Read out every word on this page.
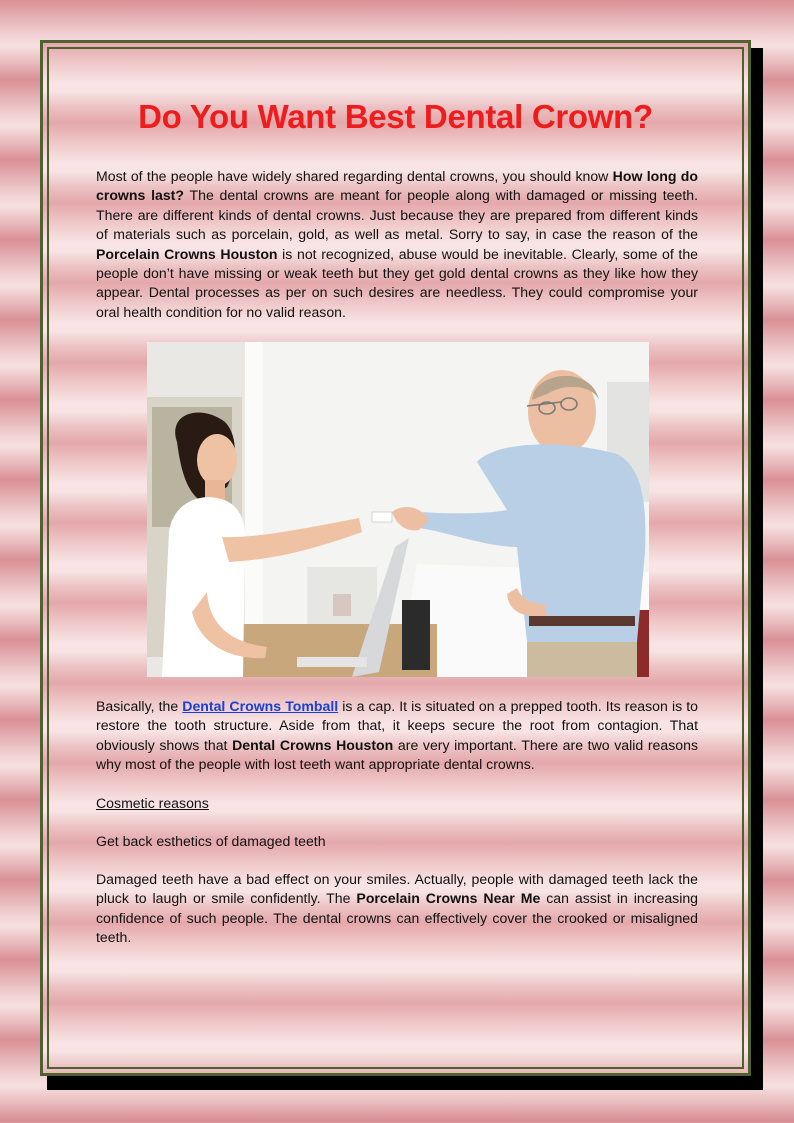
Do You Want Best Dental Crown?

Most of the people have widely shared regarding dental crowns, you should know How long do crowns last? The dental crowns are meant for people along with damaged or missing teeth. There are different kinds of dental crowns. Just because they are prepared from different kinds of materials such as porcelain, gold, as well as metal. Sorry to say, in case the reason of the Porcelain Crowns Houston is not recognized, abuse would be inevitable. Clearly, some of the people don’t have missing or weak teeth but they get gold dental crowns as they like how they appear. Dental processes as per on such desires are needless. They could compromise your oral health condition for no valid reason.

Basically, the Dental Crowns Tomball is a cap. It is situated on a prepped tooth. Its reason is to restore the tooth structure. Aside from that, it keeps secure the root from contagion. That obviously shows that Dental Crowns Houston are very important. There are two valid reasons why most of the people with lost teeth want appropriate dental crowns.

Cosmetic reasons

Get back esthetics of damaged teeth

Damaged teeth have a bad effect on your smiles. Actually, people with damaged teeth lack the pluck to laugh or smile confidently. The Porcelain Crowns Near Me can assist in increasing confidence of such people. The dental crowns can effectively cover the crooked or misaligned teeth.
